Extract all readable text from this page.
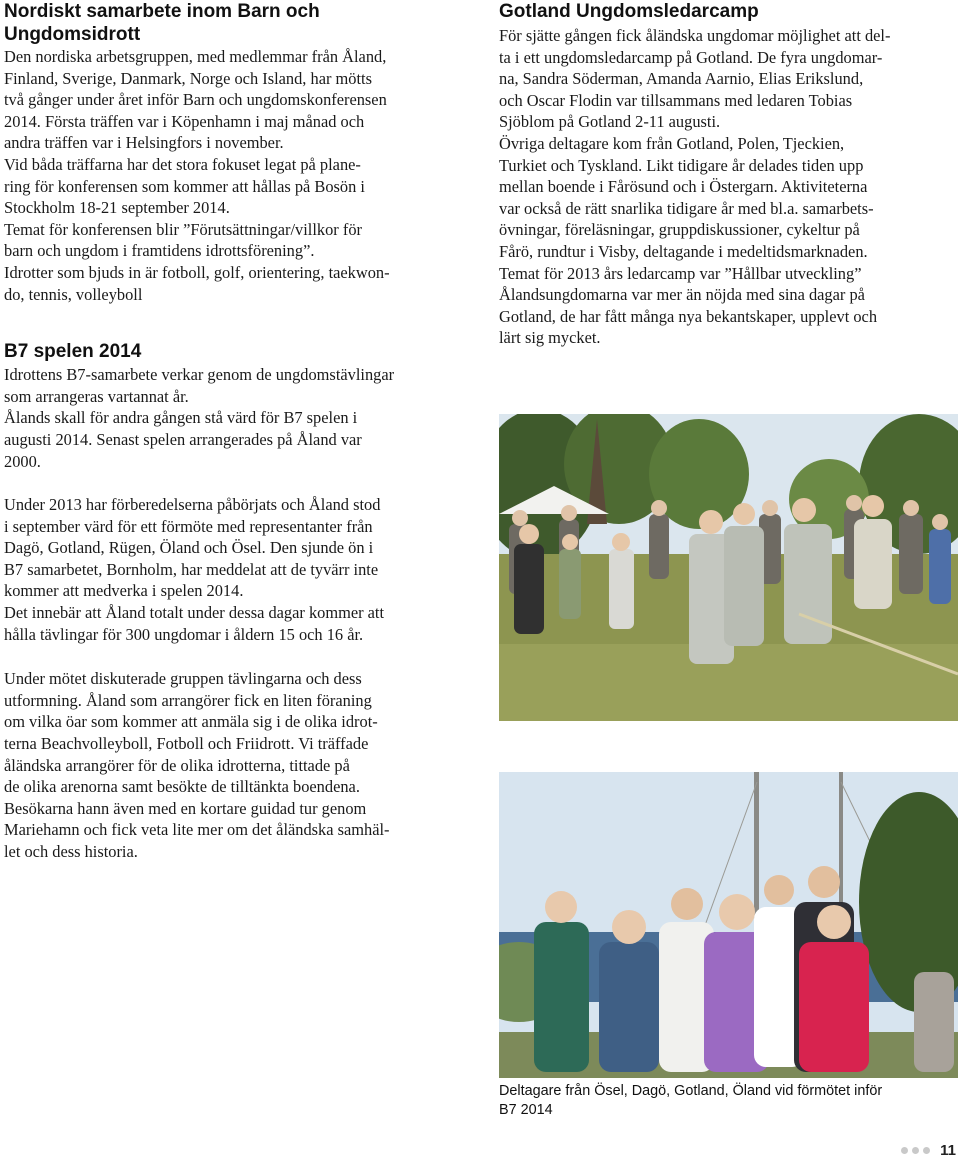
Nordiskt samarbete inom Barn och
Ungdomsidrott

Den nordiska arbetsgruppen, med medlemmar från Åland,
Finland, Sverige, Danmark, Norge och Island, har mötts
två gånger under året inför Barn och ungdomskonferensen
2014. Första träffen var i Köpenhamn i maj månad och
andra träffen var i Helsingfors i november.
Vid båda träffarna har det stora fokuset legat på plane-
ring för konferensen som kommer att hållas på Bosön i
Stockholm 18-21 september 2014.
Temat för konferensen blir ”Förutsättningar/villkor för
barn och ungdom i framtidens idrottsförening”.
Idrotter som bjuds in är fotboll, golf, orientering, taekwon-
do, tennis, volleyboll

B7 spelen 2014

Idrottens B7-samarbete verkar genom de ungdomstävlingar
som arrangeras vartannat år.
Ålands skall för andra gången stå värd för B7 spelen i
augusti 2014. Senast spelen arrangerades på Åland var
2000.

Under 2013 har förberedelserna påbörjats och Åland stod
i september värd för ett förmöte med representanter från
Dagö, Gotland, Rügen, Öland och Ösel. Den sjunde ön i
B7 samarbetet, Bornholm, har meddelat att de tyvärr inte
kommer att medverka i spelen 2014.
Det innebär att Åland totalt under dessa dagar kommer att
hålla tävlingar för 300 ungdomar i åldern 15 och 16 år.

Under mötet diskuterade gruppen tävlingarna och dess
utformning. Åland som arrangörer fick en liten föraning
om vilka öar som kommer att anmäla sig i de olika idrot-
terna Beachvolleyboll, Fotboll och Friidrott. Vi träffade
åländska arrangörer för de olika idrotterna, tittade på
de olika arenorna samt besökte de tilltänkta boendena.
Besökarna hann även med en kortare guidad tur genom
Mariehamn och fick veta lite mer om det åländska samhäl-
let och dess historia.

Gotland Ungdomsledarcamp

För sjätte gången fick åländska ungdomar möjlighet att del-
ta i ett ungdomsledarcamp på Gotland. De fyra ungdomar-
na, Sandra Söderman, Amanda Aarnio, Elias Erikslund,
och Oscar Flodin var tillsammans med ledaren Tobias
Sjöblom på Gotland 2-11 augusti.
Övriga deltagare kom från Gotland, Polen, Tjeckien,
Turkiet och Tyskland. Likt tidigare år delades tiden upp
mellan boende i Fårösund och i Östergarn. Aktiviteterna
var också de rätt snarlika tidigare år med bl.a. samarbets-
övningar, föreläsningar, gruppdiskussioner, cykeltur på
Fårö, rundtur i Visby, deltagande i medeltidsmarknaden.
Temat för 2013 års ledarcamp var ”Hållbar utveckling”
Ålandsungdomarna var mer än nöjda med sina dagar på
Gotland, de har fått många nya bekantskaper, upplevt och
lärt sig mycket.

Deltagare från Ösel, Dagö, Gotland, Öland vid förmötet inför
B7 2014
11
